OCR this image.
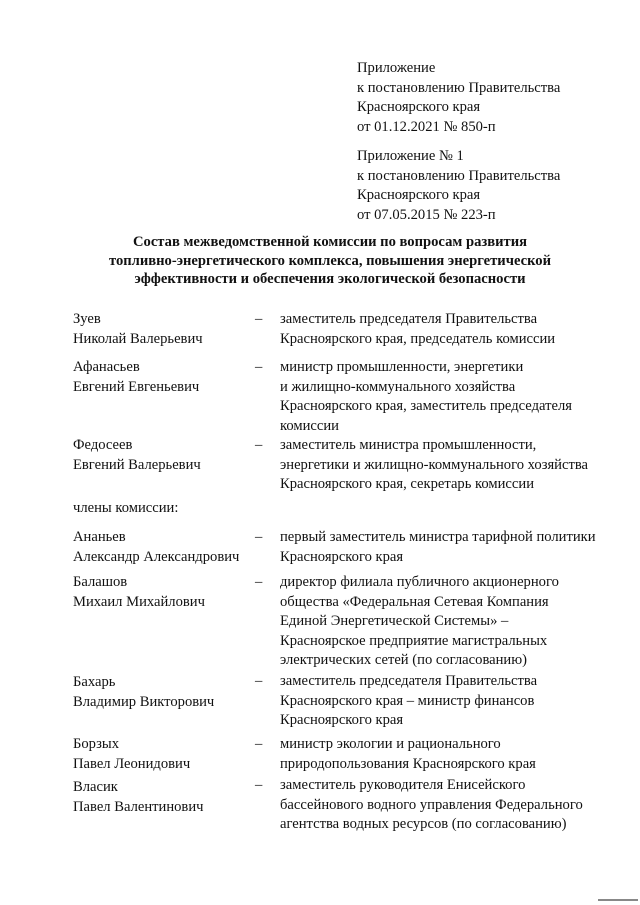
Приложение
к постановлению Правительства
Красноярского края
от 01.12.2021 № 850-п
Приложение № 1
к постановлению Правительства
Красноярского края
от 07.05.2015 № 223-п
Состав межведомственной комиссии по вопросам развития
топливно-энергетического комплекса, повышения энергетической
эффективности и обеспечения экологической безопасности
Зуев
Николай Валерьевич
– заместитель председателя Правительства
Красноярского края, председатель комиссии
Афанасьев
Евгений Евгеньевич
– министр промышленности, энергетики
и жилищно-коммунального хозяйства
Красноярского края, заместитель председателя
комиссии
Федосеев
Евгений Валерьевич
– заместитель министра промышленности,
энергетики и жилищно-коммунального хозяйства
Красноярского края, секретарь комиссии
члены комиссии:
Ананьев
Александр Александрович
– первый заместитель министра тарифной политики
Красноярского края
Балашов
Михаил Михайлович
– директор филиала публичного акционерного
общества «Федеральная Сетевая Компания
Единой Энергетической Системы» –
Красноярское предприятие магистральных
электрических сетей (по согласованию)
Бахарь
Владимир Викторович
– заместитель председателя Правительства
Красноярского края – министр финансов
Красноярского края
Борзых
Павел Леонидович
– министр экологии и рационального
природопользования Красноярского края
Власик
Павел Валентинович
– заместитель руководителя Енисейского
бассейнового водного управления Федерального
агентства водных ресурсов (по согласованию)
